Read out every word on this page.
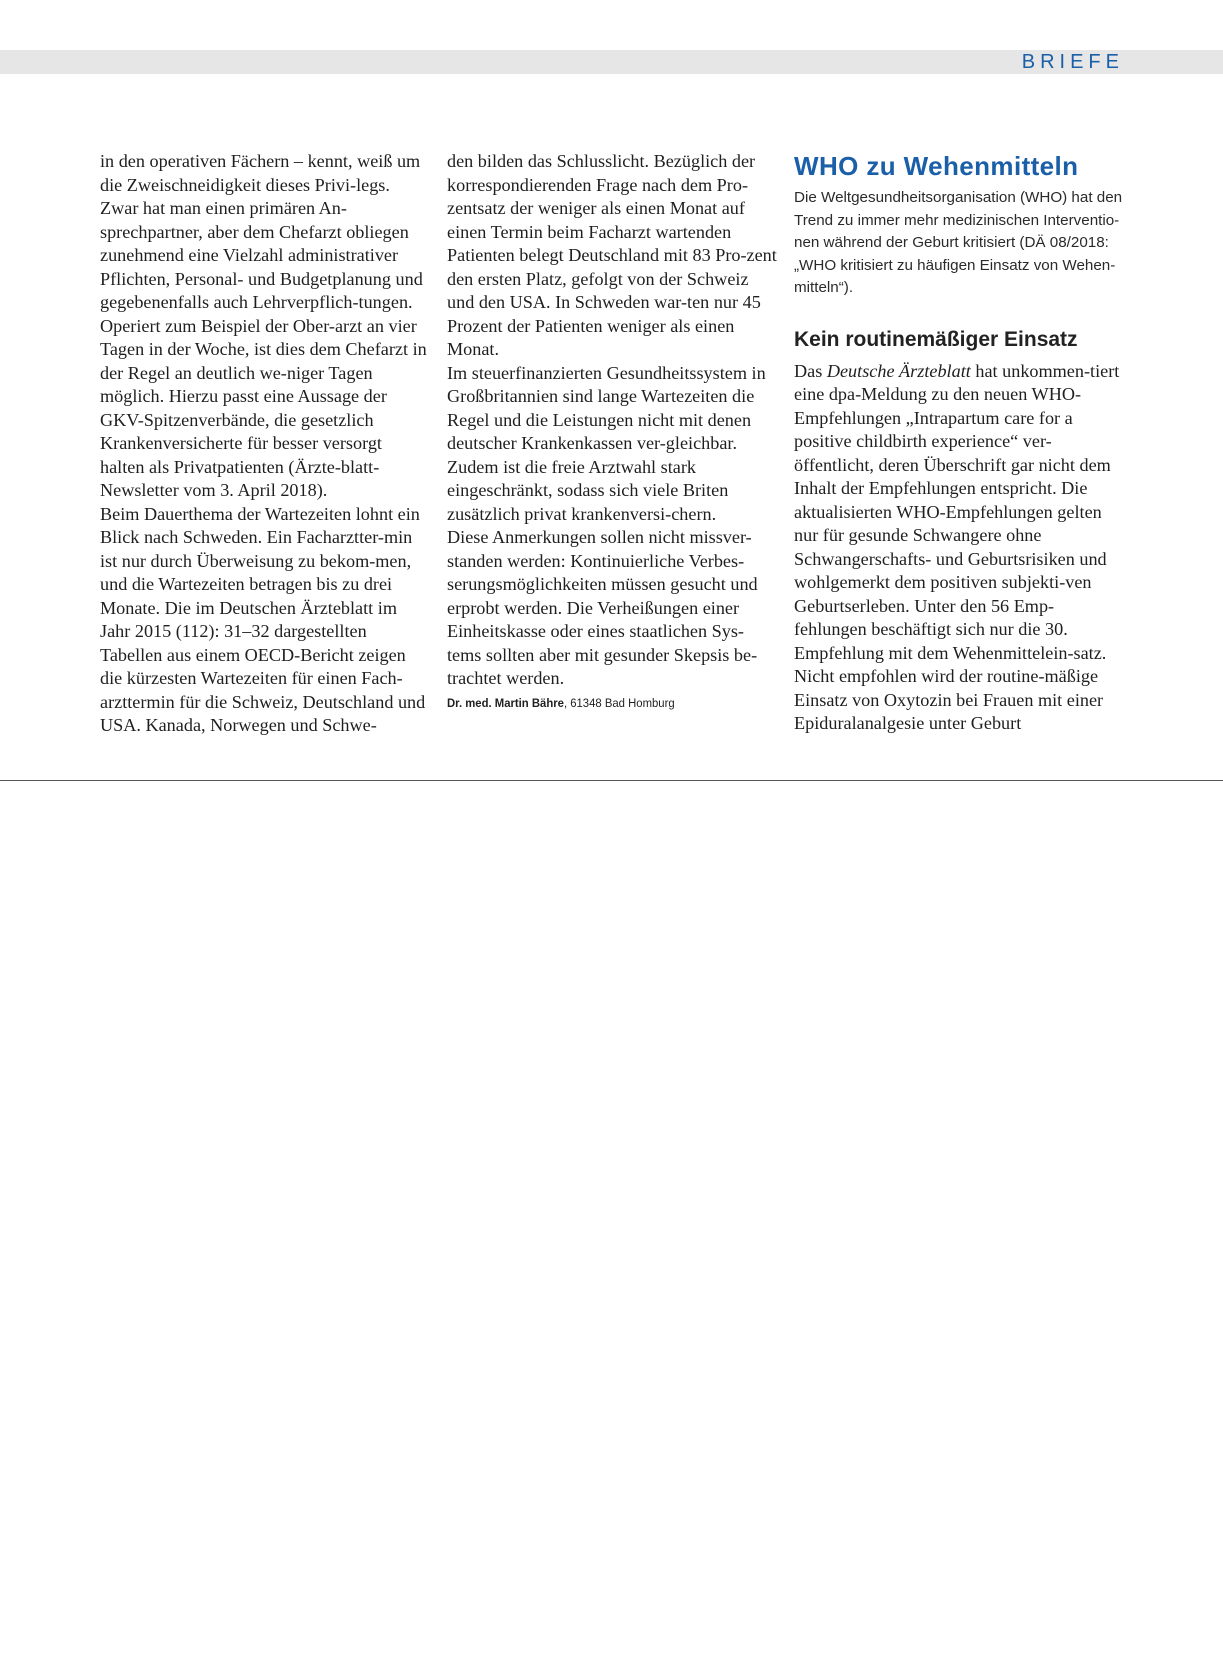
BRIEFE

in den operativen Fächern – kennt, weiß um die Zweischneidigkeit dieses Privi-legs. Zwar hat man einen primären An-sprechpartner, aber dem Chefarzt obliegen zunehmend eine Vielzahl administrativer Pflichten, Personal- und Budgetplanung und gegebenenfalls auch Lehrverpflich-tungen. Operiert zum Beispiel der Ober-arzt an vier Tagen in der Woche, ist dies dem Chefarzt in der Regel an deutlich we-niger Tagen möglich. Hierzu passt eine Aussage der GKV-Spitzenverbände, die gesetzlich Krankenversicherte für besser versorgt halten als Privatpatienten (Ärzte-blatt-Newsletter vom 3. April 2018).

Beim Dauerthema der Wartezeiten lohnt ein Blick nach Schweden. Ein Facharztter-min ist nur durch Überweisung zu bekom-men, und die Wartezeiten betragen bis zu drei Monate. Die im Deutschen Ärzteblatt im Jahr 2015 (112): 31–32 dargestellten Tabellen aus einem OECD-Bericht zeigen die kürzesten Wartezeiten für einen Fach-arzttermin für die Schweiz, Deutschland und USA. Kanada, Norwegen und Schwe-

den bilden das Schlusslicht. Bezüglich der korrespondierenden Frage nach dem Pro-zentsatz der weniger als einen Monat auf einen Termin beim Facharzt wartenden Patienten belegt Deutschland mit 83 Pro-zent den ersten Platz, gefolgt von der Schweiz und den USA. In Schweden war-ten nur 45 Prozent der Patienten weniger als einen Monat.

Im steuerfinanzierten Gesundheitssystem in Großbritannien sind lange Wartezeiten die Regel und die Leistungen nicht mit denen deutscher Krankenkassen ver-gleichbar. Zudem ist die freie Arztwahl stark eingeschränkt, sodass sich viele Briten zusätzlich privat krankenversi-chern.

Diese Anmerkungen sollen nicht missver-standen werden: Kontinuierliche Verbes-serungsmöglichkeiten müssen gesucht und erprobt werden. Die Verheißungen einer Einheitskasse oder eines staatlichen Sys-tems sollten aber mit gesunder Skepsis be-trachtet werden.

Dr. med. Martin Bähre, 61348 Bad Homburg

WHO zu Wehenmitteln

Die Weltgesundheitsorganisation (WHO) hat den Trend zu immer mehr medizinischen Interventio-nen während der Geburt kritisiert (DÄ 08/2018: „WHO kritisiert zu häufigen Einsatz von Wehen-mitteln“).

Kein routinemäßiger Einsatz

Das Deutsche Ärzteblatt hat unkommen-tiert eine dpa-Meldung zu den neuen WHO-Empfehlungen „Intrapartum care for a positive childbirth experience“ ver-öffentlicht, deren Überschrift gar nicht dem Inhalt der Empfehlungen entspricht. Die aktualisierten WHO-Empfehlungen gelten nur für gesunde Schwangere ohne Schwangerschafts- und Geburtsrisiken und wohlgemerkt dem positiven subjekti-ven Geburtserleben. Unter den 56 Emp-fehlungen beschäftigt sich nur die 30. Empfehlung mit dem Wehenmittelein-satz. Nicht empfohlen wird der routine-mäßige Einsatz von Oxytozin bei Frauen mit einer Epiduralanalgesie unter Geburt
